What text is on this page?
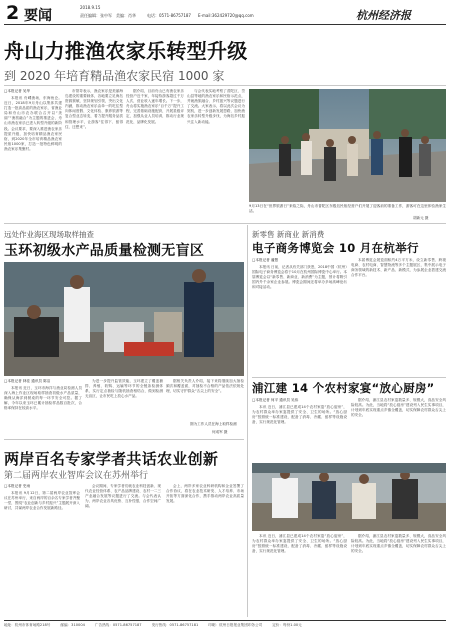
2 要闻
2018.9.15
责任编辑：张中军 美编：肖华	电话：0571-86757187 E-mail:362429720@qq.com	杭州经济报
舟山力推渔农家乐转型升级
到 2020 年培育精品渔农家民宿 1000 家
□本报记者 吴华

本报讯 舟嵊渔场，东海鱼仓。近日，2018年9月舟山以集体共建打造一批高品质的渔农家乐，省渔业局和舟山市农办联合召开以“美丽”“渔旅融合”为主题的推进会，舟山市渔农家乐已进入转型升级的新阶段。会议要求，要深入推进渔农家乐提质升级，加快培育精品渔农家民宿，到2020年全市培育精品渔农家民宿1000家，打造一批特色鲜明的渔农家乐集聚村。

市领导表示，渔农家乐是美丽海岛建设的重要载体，各地要立足海岛资源禀赋，坚持规划引领，突出文化内涵，推动渔农家乐由单一的吃住型向休闲度假、文化体验、康养旅游等复合型业态转变，着力提升服务品质和管理水平，让游客“住得下、留得住、还想来”。

据介绍，目前舟山已有渔农家乐经营户近千家，年接待游客超过千万人次，营业收入逐年增长。下一步，舟山将实施渔农家乐“百千万”提升工程，完善基础设施配套，开展星级评定，加强从业人员培训，推动行业规范化、品牌化发展。

与会代表实地考察了普陀区、岱山县等地的渔农家乐和民宿示范点，并就渔旅融合、乡村振兴等议题进行了交流。大家表示，将以此次会议为契机，进一步创新发展思路，加快渔农家乐转型升级步伐，为海岛乡村振兴注入新动能。

9月13日在“世界旅游日”来临之际，舟山市普陀区东极岛民宿经营户们开展了迎客前的准备工作，游客可在这里体验渔家生活。

胡新元 摄
远处作业海区现场取样抽查
玉环初级水产品质量检测无盲区

□本报记者 林佳 通讯员 陈洁

本报讯 近日，玉环市海洋与渔业局检测人员深入海上作业区现场取样抽查初级水产品质量，确保从海洋到餐桌的每一环节安全可控。据了解，今年以来玉环已累计抽检样品数百批次，合格率保持在较高水平。

为进一步提升监管效能，玉环建立了覆盖捕捞、养殖、收购、运输等环节的全链条检测体系，实行定点抽检与随机抽查相结合，做到检测无盲区，让市民吃上放心水产品。

据相关负责人介绍，接下来将继续加大抽检频次和覆盖面，对抽检不合格的产品依法依规处理，切实守护群众“舌尖上的安全”。

图为工作人员在海上取样检测
何成军 摄
两岸百名专家学者共话农业创新
第二届两岸农业智库会议在苏州举行

□本报记者 史雨

本报讯 9月12日，第二届两岸农业智库会议在苏州举行，来自两岸的百余名专家学者齐聚一堂，围绕“农业创新与乡村振兴”主题展开深入研讨，共谋两岸农业合作发展新路径。

会议期间，专家学者们就农业科技创新、现代农业经营体系、农产品品牌建设、农村一二三产业融合发展等议题进行了交流。与会代表认为，两岸农业各具优势、互补性强，合作空间广阔。

会上，两岸多家农业科研机构和企业签署了合作协议，将在农业技术研发、人才培养、市场开拓等方面深化合作，携手推动两岸农业高质量发展。

新零售 新商业 新消费
电子商务博览会 10 月在杭举行

□本报记者 潘慧

本报讯 日前，记者从有关部门获悉，2018中国（杭州）国际电子商务博览会将于10月在杭州国际博览中心举行。本届博览会以“新零售、新商业、新消费”为主题，预计将吸引国内外千余家企业参展。博览会期间还将举办多场高峰论坛和对接活动。

本届博览会展览面积约4万平方米，设立新零售、跨境电商、农村电商、智慧物流等多个主题展区，集中展示电子商务领域的新技术、新产品、新模式，为参展企业搭建交流合作平台。

浦江建 14 个农村家宴“放心厨房”

□本报记者 何平 通讯员 吴伟

本讯 近日，浦江县已建成14个农村家宴“放心厨房”，为农村群众举办家宴提供了安全、卫生的场所。“放心厨房”按照统一标准建设，配备了消毒、冷藏、留样等设施设备，实行规范化管理。

据介绍，浦江县农村家宴数量多、规模大，食品安全风险较高。为此，当地将“放心厨房”建设列入民生实事项目，计划到年底实现重点乡镇全覆盖，切实保障农村群众舌尖上的安全。

本讯 近日，浦江县已建成14个农村家宴“放心厨房”，为农村群众举办家宴提供了安全、卫生的场所。“放心厨房”按照统一标准建设，配备了消毒、冷藏、留样等设施设备，实行规范化管理。

据介绍，浦江县农村家宴数量多、规模大，食品安全风险较高。为此，当地将“放心厨房”建设列入民生实事项目，计划到年底实现重点乡镇全覆盖，切实保障农村群众舌尖上的安全。

地址：杭州市体育场路218号	邮编：310004	广告热线：0571-86757187	发行热线：0571-86757181	印刷：杭州日报报业集团印务公司	定价：每份1.00元
